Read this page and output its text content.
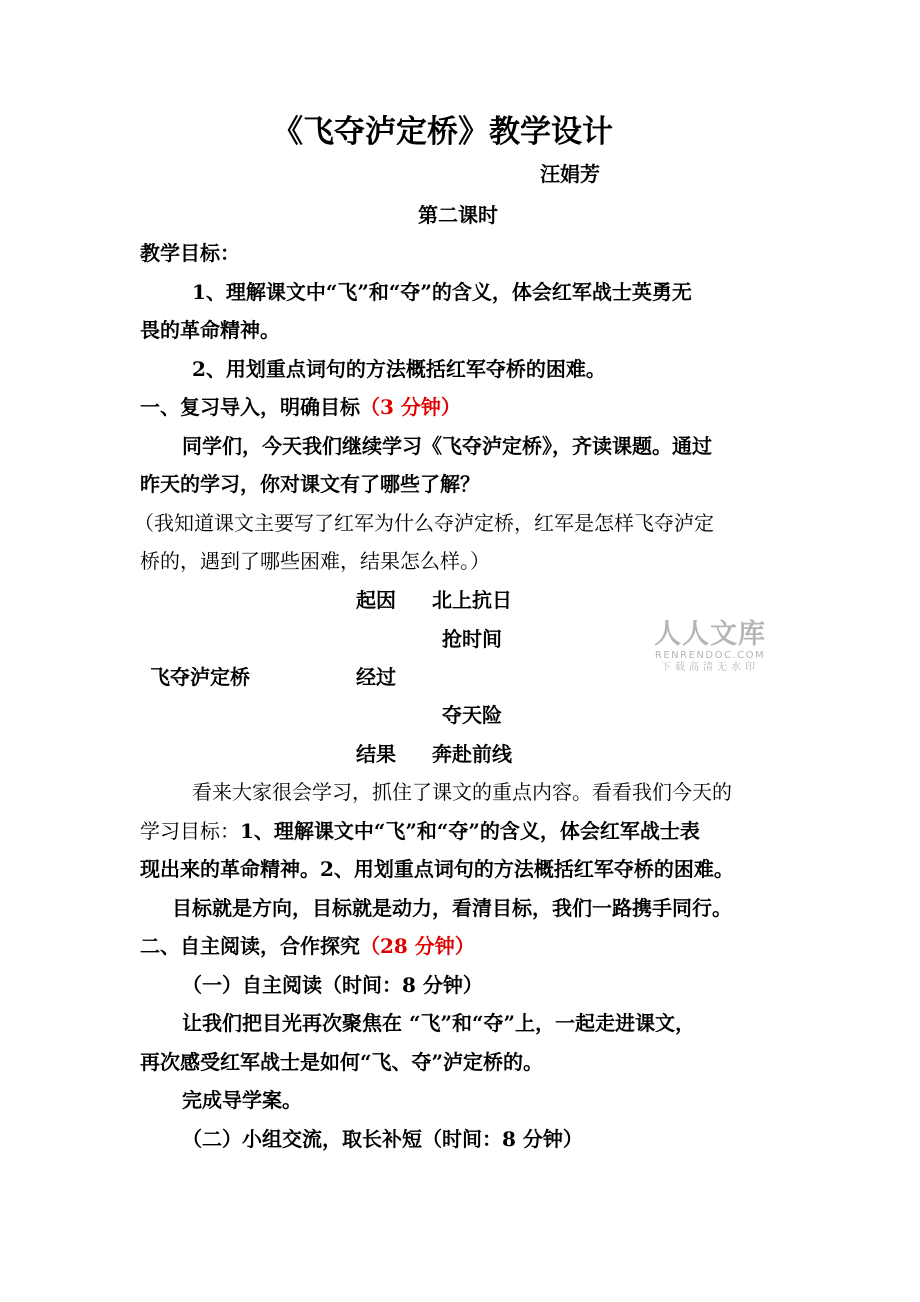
《飞夺泸定桥》教学设计
汪娟芳
第二课时
教学目标：
1、理解课文中“飞”和“夺”的含义，体会红军战士英勇无
畏的革命精神。
2、用划重点词句的方法概括红军夺桥的困难。
一、复习导入，明确目标（3 分钟）
同学们，今天我们继续学习《飞夺泸定桥》，齐读课题。通过
昨天的学习，你对课文有了哪些了解？
（我知道课文主要写了红军为什么夺泸定桥，红军是怎样飞夺泸定
桥的，遇到了哪些困难，结果怎么样。）
起因 北上抗日
抢时间
飞夺泸定桥	经过
夺天险
结果 奔赴前线
看来大家很会学习，抓住了课文的重点内容。看看我们今天的
学习目标：1、理解课文中“飞”和“夺”的含义，体会红军战士表
现出来的革命精神。2、用划重点词句的方法概括红军夺桥的困难。
目标就是方向，目标就是动力，看清目标，我们一路携手同行。
二、自主阅读，合作探究（28 分钟）
（一）自主阅读（时间：8 分钟）
让我们把目光再次聚焦在 “飞”和“夺”上，一起走进课文，
再次感受红军战士是如何“飞、夺”泸定桥的。
完成导学案。
（二）小组交流，取长补短（时间：8 分钟）
人人文库
RENRENDOC.COM
下载高清无水印
